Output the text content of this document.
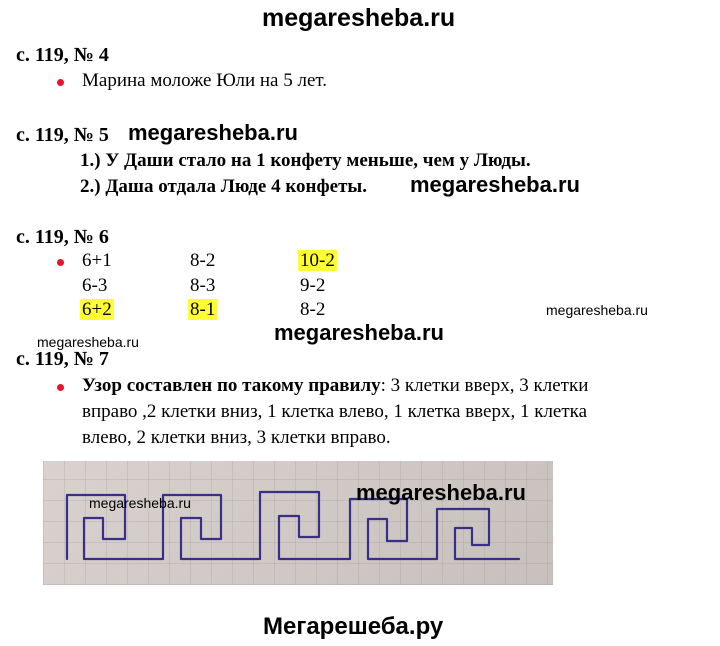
megaresheba.ru
с. 119, № 4
Марина моложе Юли на 5 лет.
с. 119, № 5 megaresheba.ru
1.) У Даши стало на 1 конфету меньше, чем у Люды.
2.) Даша отдала Люде 4 конфеты. megaresheba.ru
с. 119, № 6
6+1	8-2	10-2
6-3	8-3	9-2
6+2	8-1	8-2	megaresheba.ru
megaresheba.ru
megaresheba.ru
с. 119, № 7
Узор составлен по такому правилу: 3 клетки вверх, 3 клетки
вправо ,2 клетки вниз, 1 клетка влево, 1 клетка вверх, 1 клетка
влево, 2 клетки вниз, 3 клетки вправо.
megaresheba.ru	megaresheba.ru
Мегарешеба.ру
